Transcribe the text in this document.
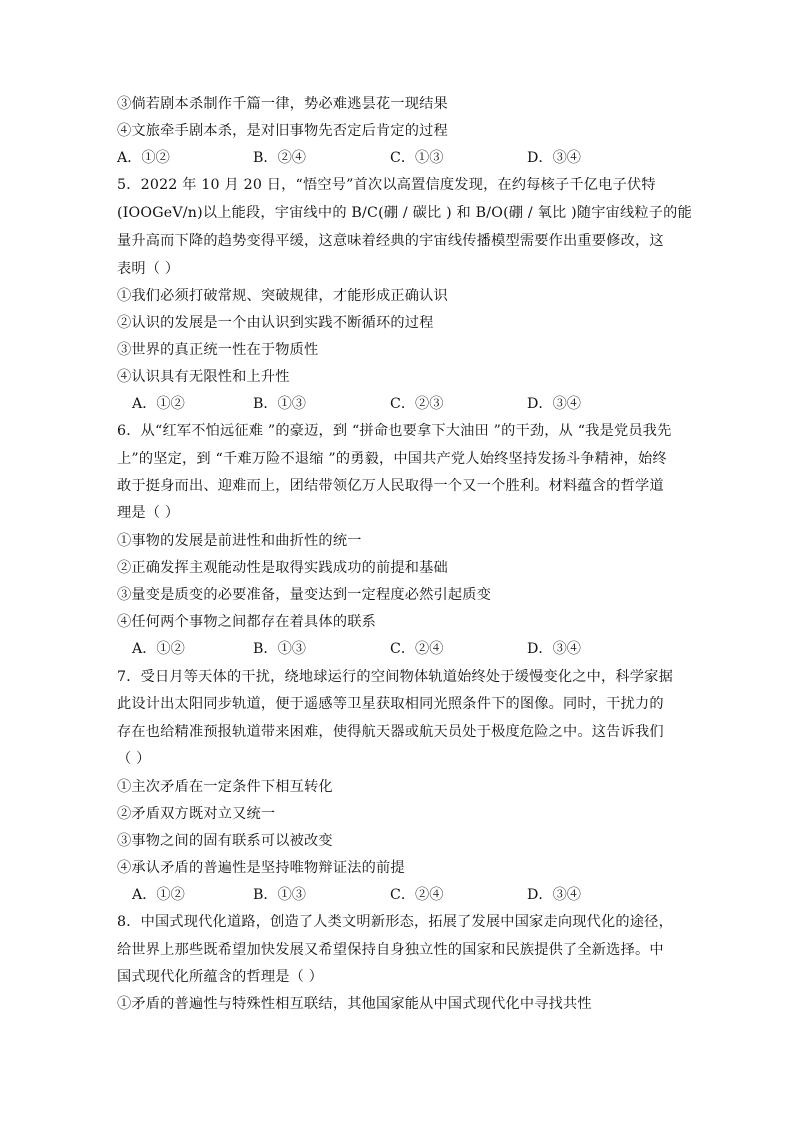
③倘若剧本杀制作千篇一律，势必难逃昙花一现结果
④文旅牵手剧本杀，是对旧事物先否定后肯定的过程
A．①②	B．②④	C．①③	D．③④
5．2022 年 10 月 20 日，“悟空号”首次以高置信度发现，在约每核子千亿电子伏特
(IOOGeV/n)以上能段，宇宙线中的 B/C(硼 / 碳比 ) 和 B/O(硼 / 氧比 )随宇宙线粒子的能
量升高而下降的趋势变得平缓，这意味着经典的宇宙线传播模型需要作出重要修改，这
表明（ ）
①我们必须打破常规、突破规律，才能形成正确认识
②认识的发展是一个由认识到实践不断循环的过程
③世界的真正统一性在于物质性
④认识具有无限性和上升性
A．①②	B．①③	C．②③	D．③④
6．从“红军不怕远征难 ”的豪迈，到 “拼命也要拿下大油田 ”的干劲，从 “我是党员我先
上”的坚定，到 “千难万险不退缩 ”的勇毅，中国共产党人始终坚持发扬斗争精神，始终
敢于挺身而出、迎难而上，团结带领亿万人民取得一个又一个胜利。材料蕴含的哲学道
理是（ ）
①事物的发展是前进性和曲折性的统一
②正确发挥主观能动性是取得实践成功的前提和基础
③量变是质变的必要准备，量变达到一定程度必然引起质变
④任何两个事物之间都存在着具体的联系
A．①②	B．①③	C．②④	D．③④
7．受日月等天体的干扰，绕地球运行的空间物体轨道始终处于缓慢变化之中，科学家据
此设计出太阳同步轨道，便于遥感等卫星获取相同光照条件下的图像。同时，干扰力的
存在也给精准预报轨道带来困难，使得航天器或航天员处于极度危险之中。这告诉我们
（ ）
①主次矛盾在一定条件下相互转化
②矛盾双方既对立又统一
③事物之间的固有联系可以被改变
④承认矛盾的普遍性是坚持唯物辩证法的前提
A．①②	B．①③	C．②④	D．③④
8．中国式现代化道路，创造了人类文明新形态，拓展了发展中国家走向现代化的途径，
给世界上那些既希望加快发展又希望保持自身独立性的国家和民族提供了全新选择。中
国式现代化所蕴含的哲理是（ ）
①矛盾的普遍性与特殊性相互联结，其他国家能从中国式现代化中寻找共性
